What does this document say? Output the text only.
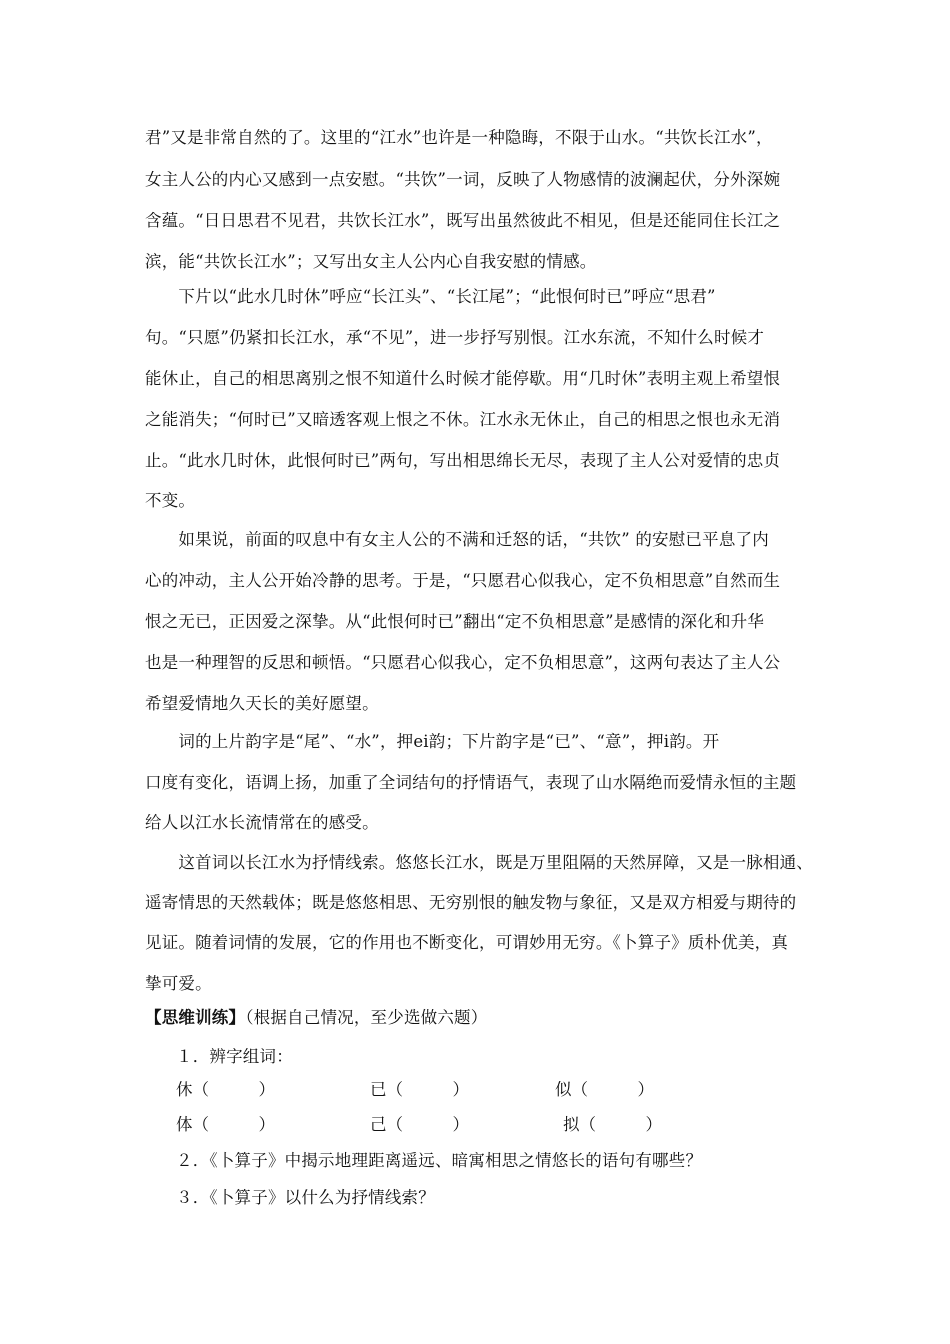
君”又是非常自然的了。这里的“江水”也许是一种隐晦，不限于山水。“共饮长江水”，
女主人公的内心又感到一点安慰。“共饮”一词，反映了人物感情的波澜起伏，分外深婉
含蕴。“日日思君不见君，共饮长江水”，既写出虽然彼此不相见，但是还能同住长江之
滨，能“共饮长江水”；又写出女主人公内心自我安慰的情感。
　　下片以“此水几时休”呼应“长江头”、“长江尾”；“此恨何时已”呼应“思君”
句。“只愿”仍紧扣长江水，承“不见”，进一步抒写别恨。江水东流，不知什么时候才
能休止，自己的相思离别之恨不知道什么时候才能停歇。用“几时休”表明主观上希望恨
之能消失；“何时已”又暗透客观上恨之不休。江水永无休止，自己的相思之恨也永无消
止。“此水几时休，此恨何时已”两句，写出相思绵长无尽，表现了主人公对爱情的忠贞
不变。
　　如果说，前面的叹息中有女主人公的不满和迁怒的话，“共饮” 的安慰已平息了内
心的冲动，主人公开始冷静的思考。于是，“只愿君心似我心，定不负相思意”自然而生
恨之无已，正因爱之深挚。从“此恨何时已”翻出“定不负相思意”是感情的深化和升华
也是一种理智的反思和顿悟。“只愿君心似我心，定不负相思意”，这两句表达了主人公
希望爱情地久天长的美好愿望。
　　词的上片韵字是“尾”、“水”，押ei韵；下片韵字是“已”、“意”，押i韵。开
口度有变化，语调上扬，加重了全词结句的抒情语气，表现了山水隔绝而爱情永恒的主题
给人以江水长流情常在的感受。
　　这首词以长江水为抒情线索。悠悠长江水，既是万里阻隔的天然屏障，又是一脉相通、
遥寄情思的天然载体；既是悠悠相思、无穷别恨的触发物与象征，又是双方相爱与期待的
见证。随着词情的发展，它的作用也不断变化，可谓妙用无穷。《卜算子》质朴优美，真
挚可爱。
【思维训练】（根据自己情况，至少选做六题）
１．辨字组词：
休（　　　）	已（　　　）	似（　　　）
体（　　　）	己（　　　）	拟（　　　）
２．《卜算子》中揭示地理距离遥远、暗寓相思之情悠长的语句有哪些？
３．《卜算子》以什么为抒情线索？
